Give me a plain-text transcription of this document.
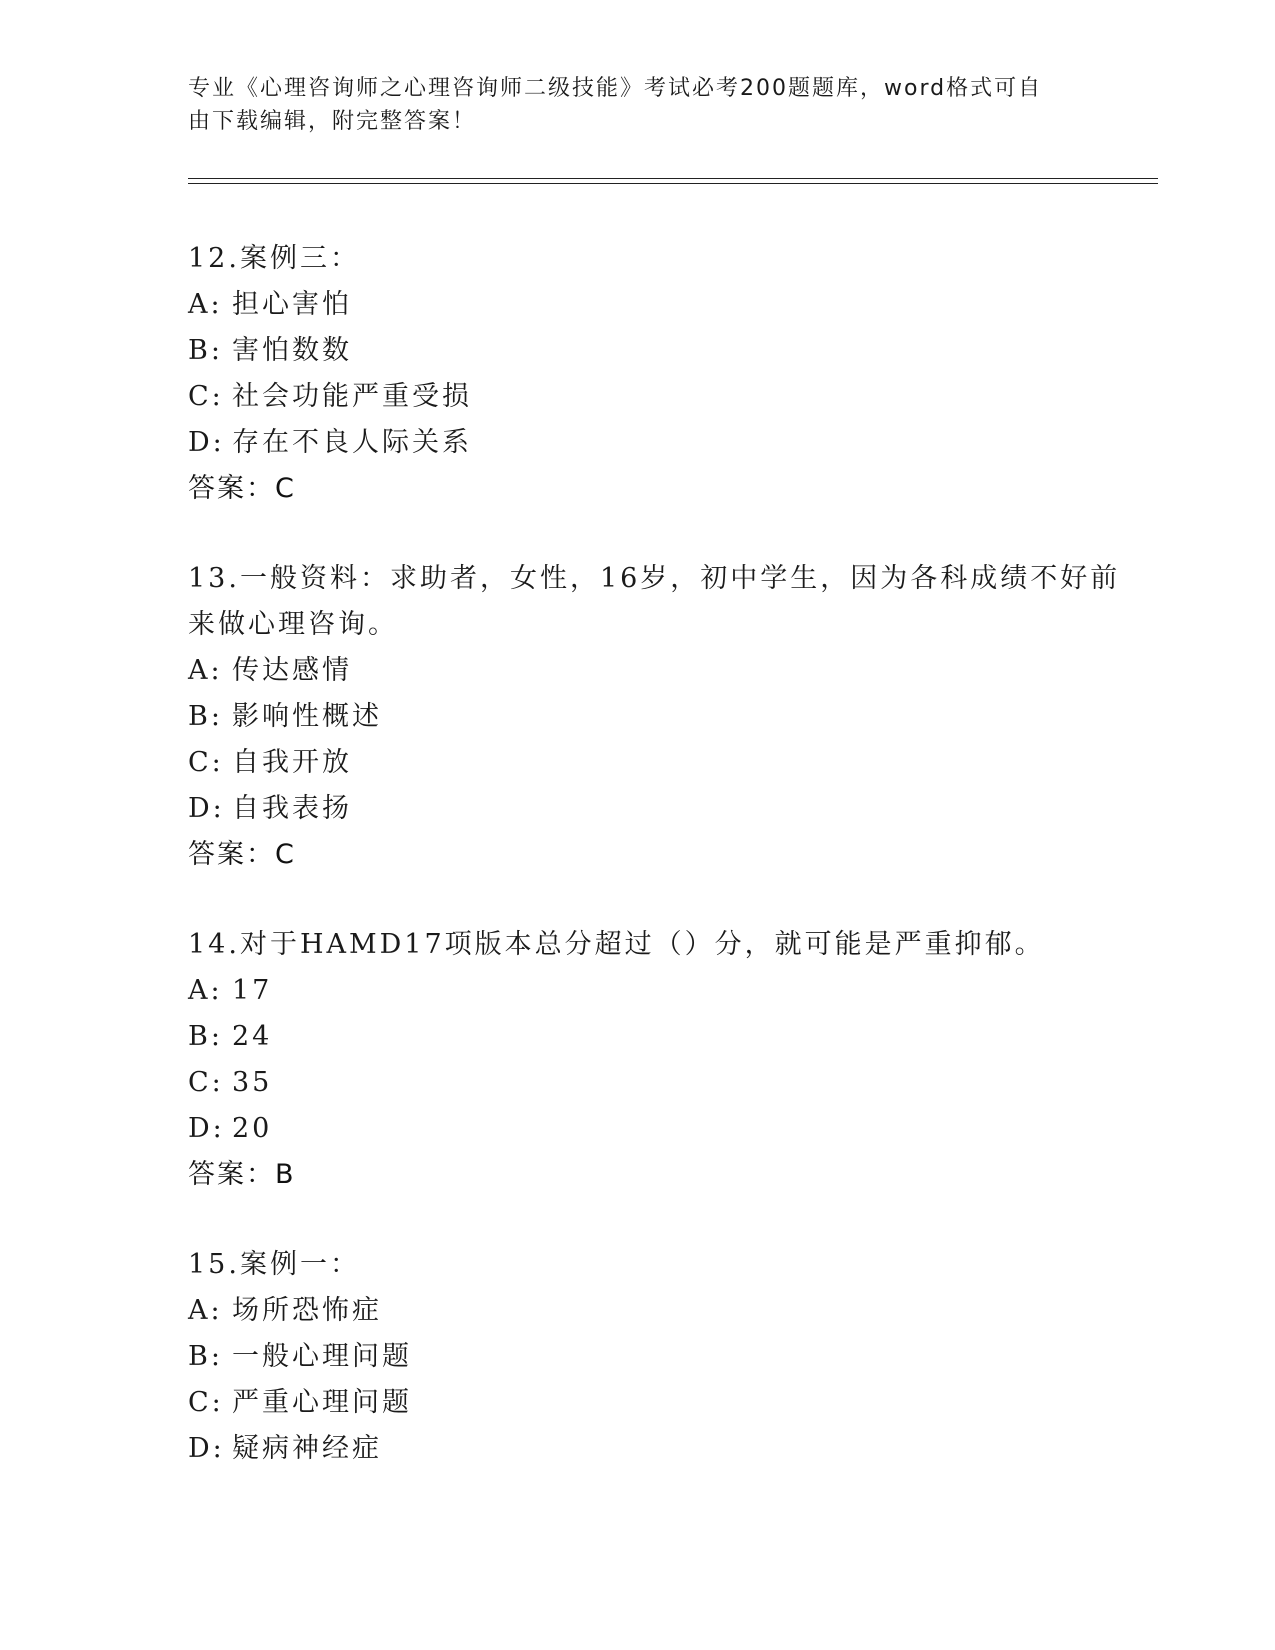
专业《心理咨询师之心理咨询师二级技能》考试必考200题题库，word格式可自
由下载编辑，附完整答案！
12.案例三：
A: 担心害怕
B: 害怕数数
C: 社会功能严重受损
D: 存在不良人际关系
答案：C
13.一般资料：求助者，女性，16岁，初中学生，因为各科成绩不好前
来做心理咨询。
A: 传达感情
B: 影响性概述
C: 自我开放
D: 自我表扬
答案：C
14.对于HAMD17项版本总分超过（）分，就可能是严重抑郁。
A: 17
B: 24
C: 35
D: 20
答案：B
15.案例一：
A: 场所恐怖症
B: 一般心理问题
C: 严重心理问题
D: 疑病神经症
